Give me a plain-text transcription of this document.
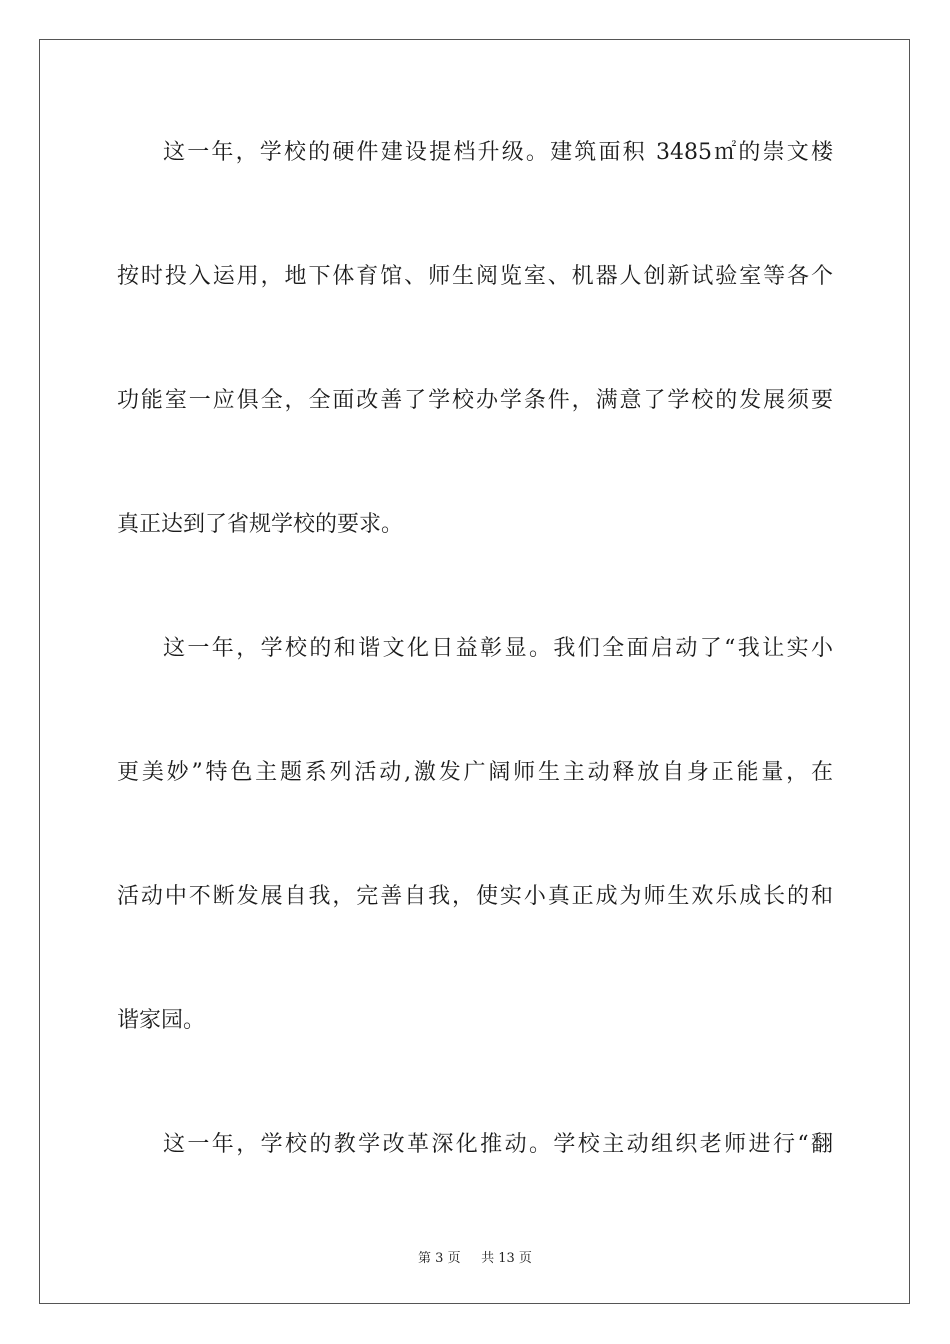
这一年，学校的硬件建设提档升级。建筑面积 3485㎡的崇文楼
按时投入运用，地下体育馆、师生阅览室、机器人创新试验室等各个
功能室一应俱全，全面改善了学校办学条件，满意了学校的发展须要
真正达到了省规学校的要求。
这一年，学校的和谐文化日益彰显。我们全面启动了“我让实小
更美妙”特色主题系列活动,激发广阔师生主动释放自身正能量，在
活动中不断发展自我，完善自我，使实小真正成为师生欢乐成长的和
谐家园。
这一年，学校的教学改革深化推动。学校主动组织老师进行“翻
第 3 页 共 13 页
